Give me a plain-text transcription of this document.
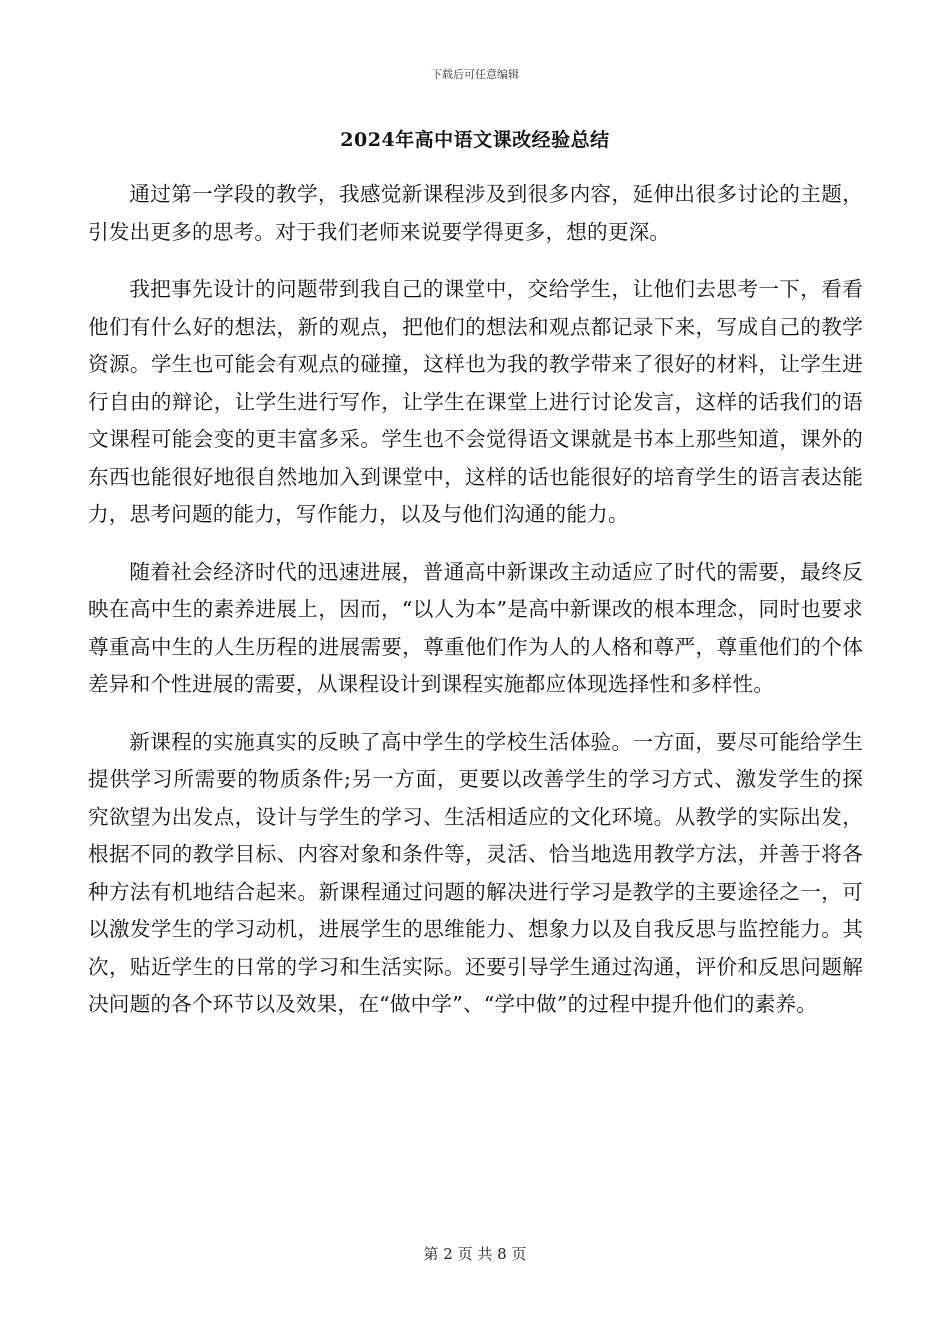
下载后可任意编辑
2024年高中语文课改经验总结

通过第一学段的教学，我感觉新课程涉及到很多内容，延伸出很多讨论的主题，引发出更多的思考。对于我们老师来说要学得更多，想的更深。

我把事先设计的问题带到我自己的课堂中，交给学生，让他们去思考一下，看看他们有什么好的想法，新的观点，把他们的想法和观点都记录下来，写成自己的教学资源。学生也可能会有观点的碰撞，这样也为我的教学带来了很好的材料，让学生进行自由的辩论，让学生进行写作，让学生在课堂上进行讨论发言，这样的话我们的语文课程可能会变的更丰富多采。学生也不会觉得语文课就是书本上那些知道，课外的东西也能很好地很自然地加入到课堂中，这样的话也能很好的培育学生的语言表达能力，思考问题的能力，写作能力，以及与他们沟通的能力。

随着社会经济时代的迅速进展，普通高中新课改主动适应了时代的需要，最终反映在高中生的素养进展上，因而，“以人为本”是高中新课改的根本理念，同时也要求尊重高中生的人生历程的进展需要，尊重他们作为人的人格和尊严，尊重他们的个体差异和个性进展的需要，从课程设计到课程实施都应体现选择性和多样性。

新课程的实施真实的反映了高中学生的学校生活体验。一方面，要尽可能给学生提供学习所需要的物质条件;另一方面，更要以改善学生的学习方式、激发学生的探究欲望为出发点，设计与学生的学习、生活相适应的文化环境。从教学的实际出发，根据不同的教学目标、内容对象和条件等，灵活、恰当地选用教学方法，并善于将各种方法有机地结合起来。新课程通过问题的解决进行学习是教学的主要途径之一，可以激发学生的学习动机，进展学生的思维能力、想象力以及自我反思与监控能力。其次，贴近学生的日常的学习和生活实际。还要引导学生通过沟通，评价和反思问题解决问题的各个环节以及效果，在“做中学”、“学中做”的过程中提升他们的素养。

第 2 页 共 8 页
